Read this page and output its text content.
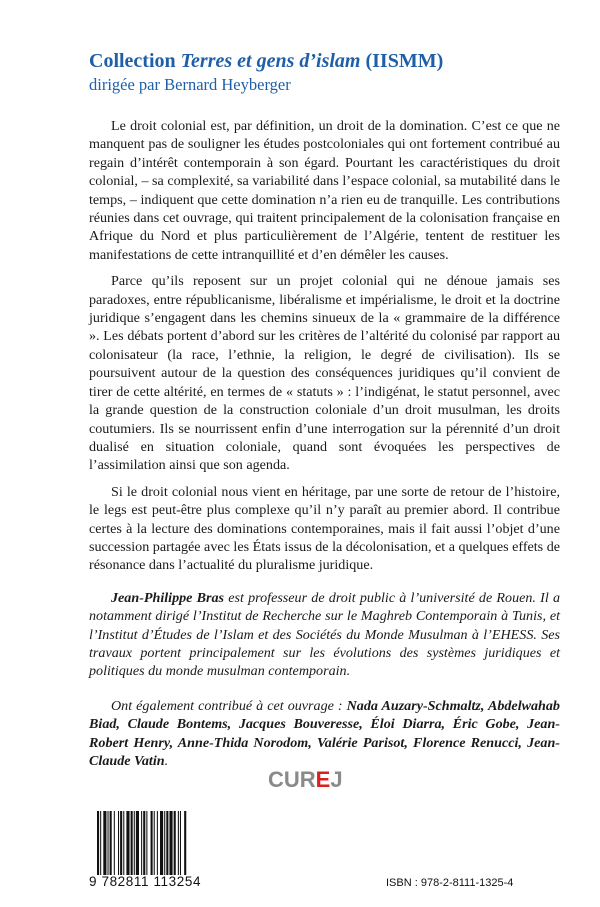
Collection Terres et gens d’islam (IISMM)

dirigée par Bernard Heyberger

Le droit colonial est, par définition, un droit de la domination. C’est ce que ne manquent pas de souligner les études postcoloniales qui ont fortement contribué au regain d’intérêt contemporain à son égard. Pourtant les caractéristiques du droit colonial, – sa complexité, sa variabilité dans l’espace colonial, sa mutabilité dans le temps, – indiquent que cette domination n’a rien eu de tranquille. Les contributions réunies dans cet ouvrage, qui traitent principalement de la colonisation française en Afrique du Nord et plus particulièrement de l’Algérie, tentent de restituer les manifestations de cette intranquillité et d’en démêler les causes.

Parce qu’ils reposent sur un projet colonial qui ne dénoue jamais ses paradoxes, entre républicanisme, libéralisme et impérialisme, le droit et la doctrine juridique s’engagent dans les chemins sinueux de la « grammaire de la différence ». Les débats portent d’abord sur les critères de l’altérité du colonisé par rapport au colonisateur (la race, l’ethnie, la religion, le degré de civilisation). Ils se poursuivent autour de la question des conséquences juridiques qu’il convient de tirer de cette altérité, en termes de « statuts » : l’indigénat, le statut personnel, avec la grande question de la construction coloniale d’un droit musulman, les droits coutumiers. Ils se nourrissent enfin d’une interrogation sur la pérennité d’un droit dualisé en situation coloniale, quand sont évoquées les perspectives de l’assimilation ainsi que son agenda.

Si le droit colonial nous vient en héritage, par une sorte de retour de l’histoire, le legs est peut-être plus complexe qu’il n’y paraît au premier abord. Il contribue certes à la lecture des dominations contemporaines, mais il fait aussi l’objet d’une succession partagée avec les États issus de la décolonisation, et a quelques effets de résonance dans l’actualité du pluralisme juridique.

Jean-Philippe Bras est professeur de droit public à l’université de Rouen. Il a notamment dirigé l’Institut de Recherche sur le Maghreb Contemporain à Tunis, et l’Institut d’Études de l’Islam et des Sociétés du Monde Musulman à l’EHESS. Ses travaux portent principalement sur les évolutions des systèmes juridiques et politiques du monde musulman contemporain.

Ont également contribué à cet ouvrage : Nada Auzary-Schmaltz, Abdelwahab Biad, Claude Bontems, Jacques Bouveresse, Éloi Diarra, Éric Gobe, Jean-Robert Henry, Anne-Thida Norodom, Valérie Parisot, Florence Renucci, Jean-Claude Vatin.

CUREJ
9 782811 113254	ISBN : 978-2-8111-1325-4
